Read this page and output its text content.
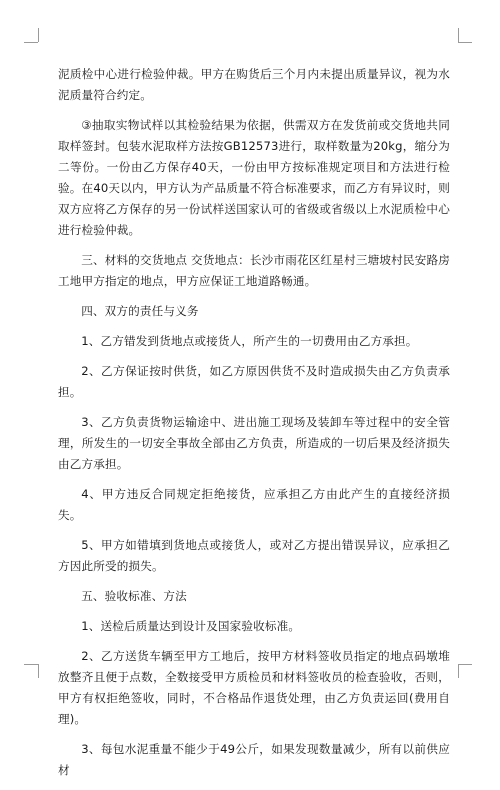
泥质检中心进行检验仲裁。甲方在购货后三个月内未提出质量异议，视为水泥质量符合约定。

③抽取实物试样以其检验结果为依据，供需双方在发货前或交货地共同取样签封。包装水泥取样方法按GB12573进行，取样数量为20kg，缩分为二等份。一份由乙方保存40天，一份由甲方按标准规定项目和方法进行检验。在40天以内，甲方认为产品质量不符合标准要求，而乙方有异议时，则双方应将乙方保存的另一份试样送国家认可的省级或省级以上水泥质检中心进行检验仲裁。

三、材料的交货地点 交货地点：长沙市雨花区红星村三塘坡村民安路房工地甲方指定的地点，甲方应保证工地道路畅通。

四、双方的责任与义务

1、乙方错发到货地点或接货人，所产生的一切费用由乙方承担。

2、乙方保证按时供货，如乙方原因供货不及时造成损失由乙方负责承担。

3、乙方负责货物运输途中、进出施工现场及装卸车等过程中的安全管理，所发生的一切安全事故全部由乙方负责，所造成的一切后果及经济损失由乙方承担。

4、甲方违反合同规定拒绝接货，应承担乙方由此产生的直接经济损失。

5、甲方如错填到货地点或接货人，或对乙方提出错误异议，应承担乙方因此所受的损失。

五、验收标准、方法

1、送检后质量达到设计及国家验收标准。

2、乙方送货车辆至甲方工地后，按甲方材料签收员指定的地点码墩堆放整齐且便于点数，全数接受甲方质检员和材料签收员的检查验收，否则，甲方有权拒绝签收，同时，不合格品作退货处理，由乙方负责运回(费用自理)。

3、每包水泥重量不能少于49公斤，如果发现数量减少，所有以前供应材
